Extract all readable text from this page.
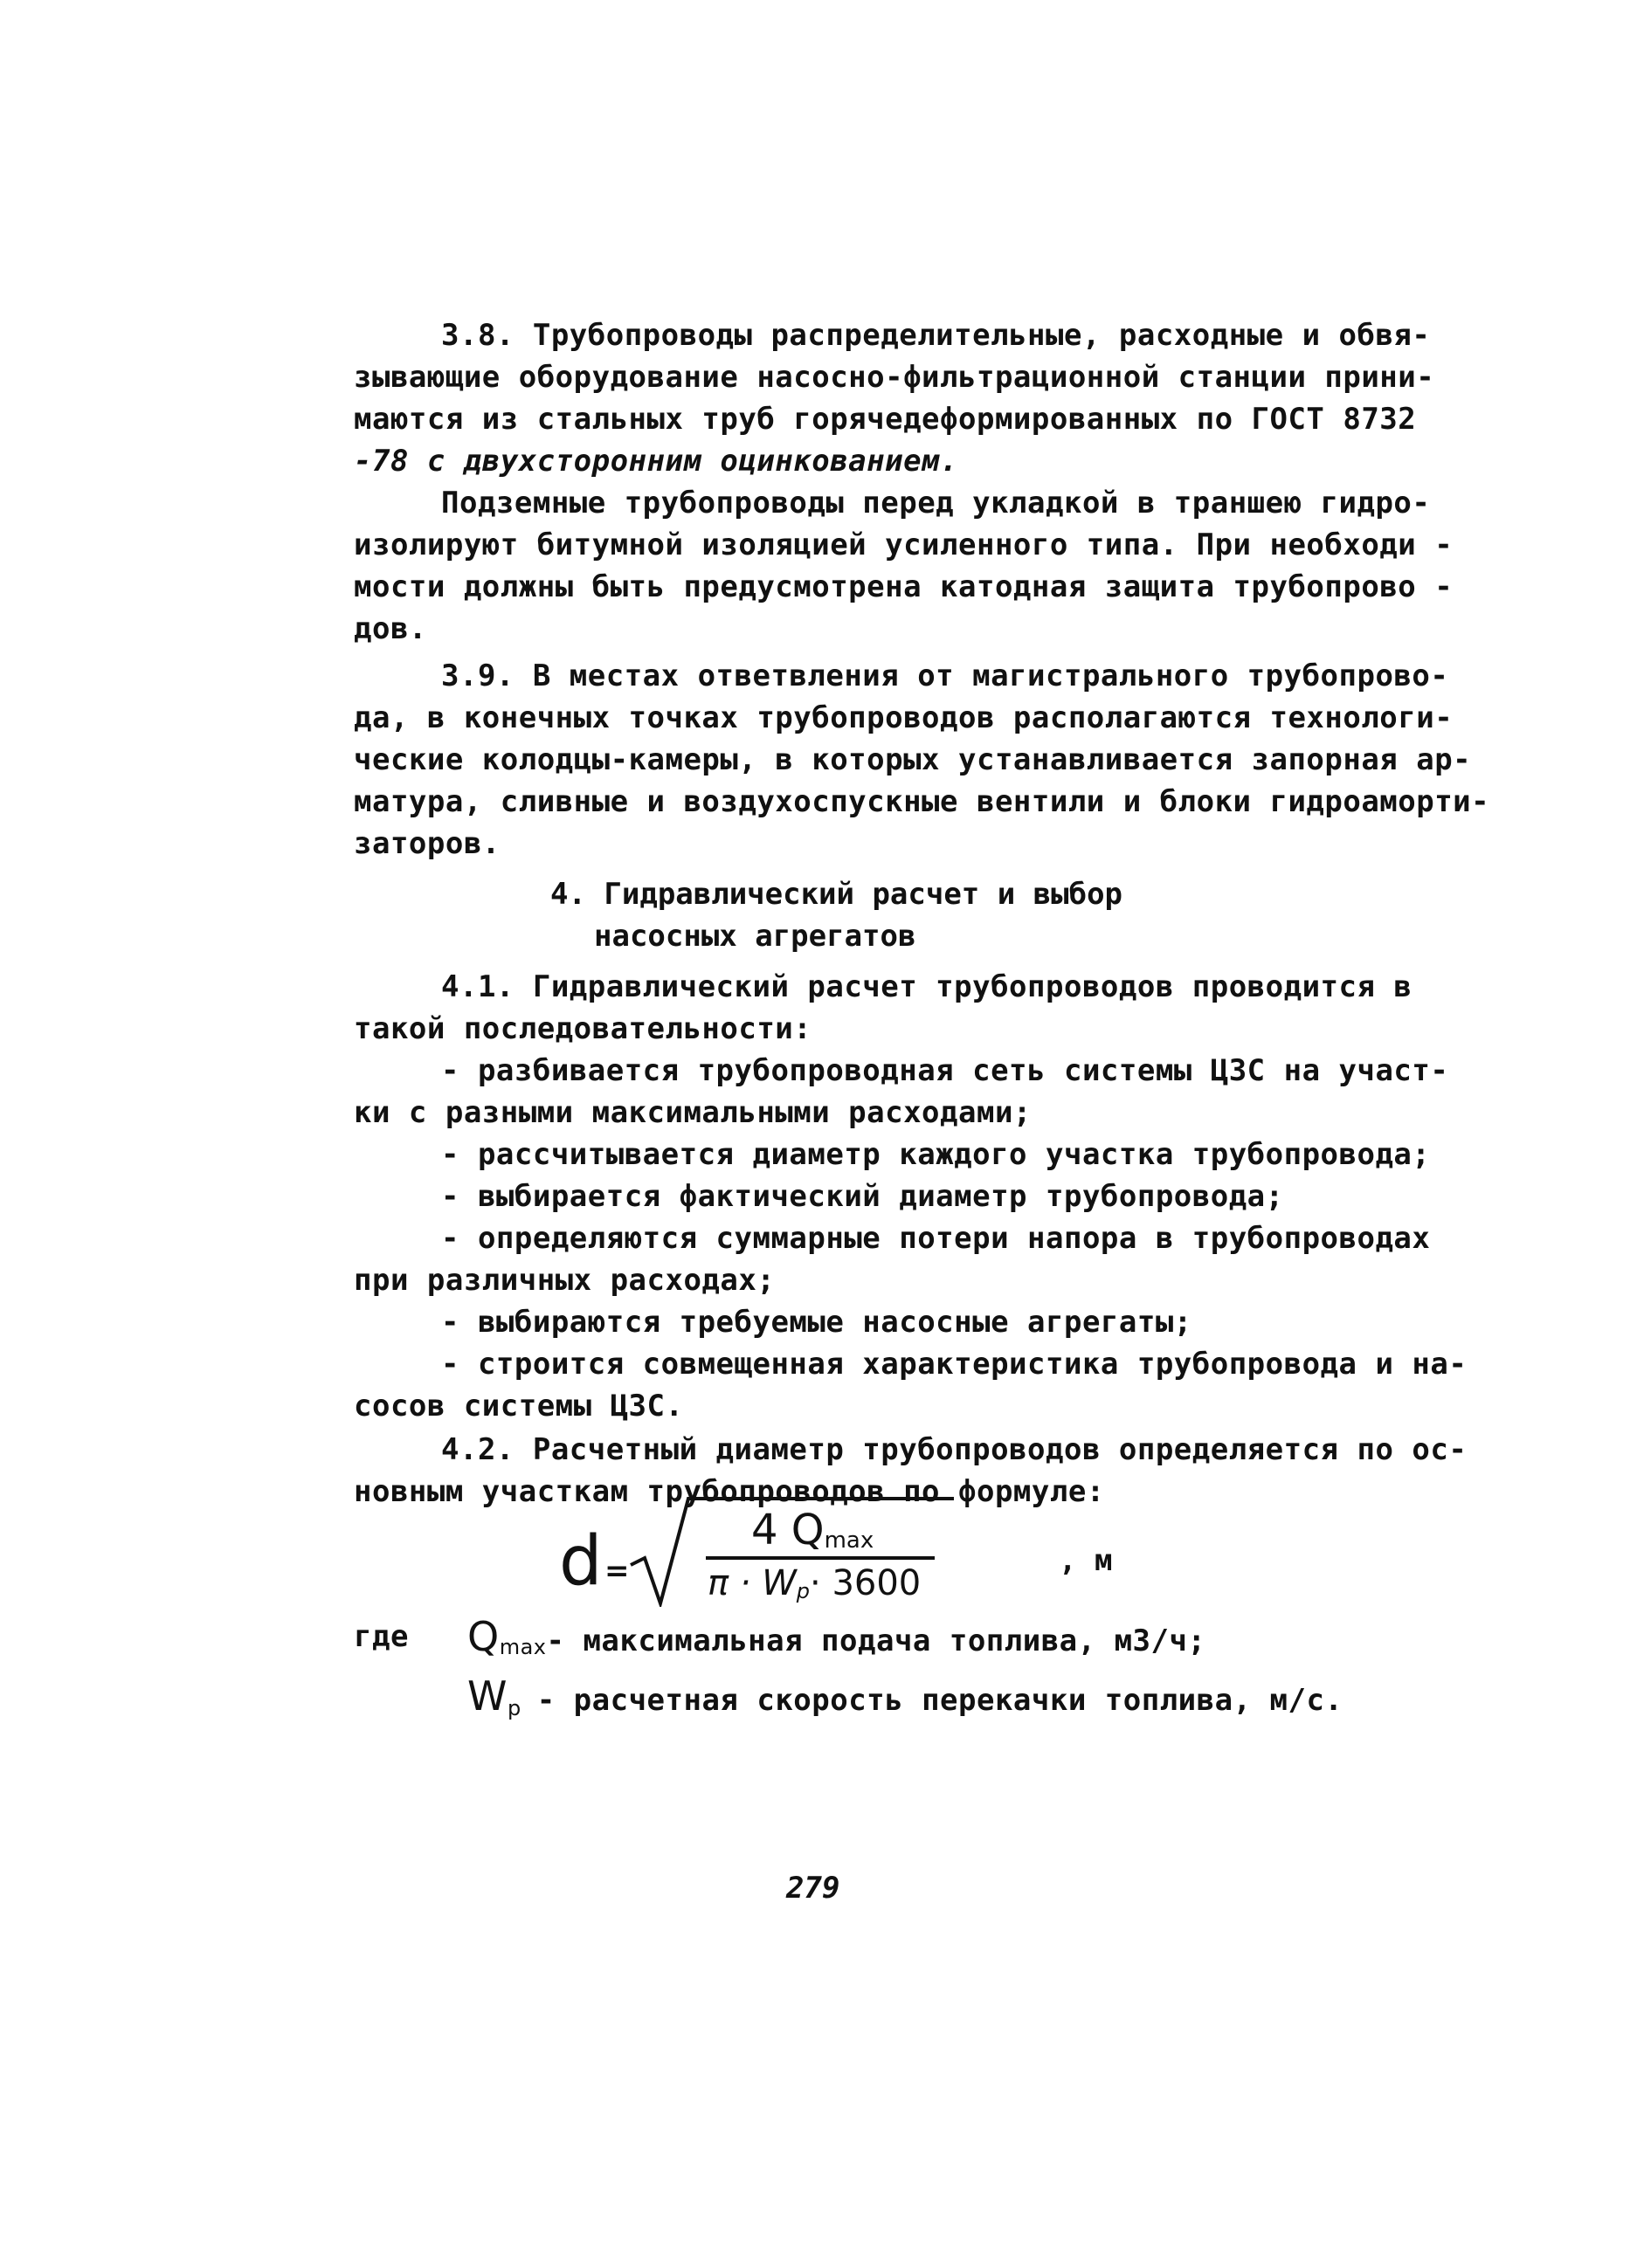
3.8. Трубопроводы распределительные, расходные и обвя-
зывающие оборудование насосно-фильтрационной станции прини-
маются из стальных труб горячедеформированных по ГОСТ 8732
-78 с двухсторонним оцинкованием.
Подземные трубопроводы перед укладкой в траншею гидро-
изолируют битумной изоляцией усиленного типа. При необходи -
мости должны быть предусмотрена катодная защита трубопрово -
дов.
3.9. В местах ответвления от магистрального трубопрово-
да, в конечных точках трубопроводов располагаются технологи-
ческие колодцы-камеры, в которых устанавливается запорная ар-
матура, сливные и воздухоспускные вентили и блоки гидроаморти-
заторов.
4. Гидравлический расчет и выбор
насосных агрегатов
4.1. Гидравлический расчет трубопроводов проводится в
такой последовательности:
- разбивается трубопроводная сеть системы ЦЗС на участ-
ки с разными максимальными расходами;
- рассчитывается диаметр каждого участка трубопровода;
- выбирается фактический диаметр трубопровода;
- определяются суммарные потери напора в трубопроводах
при различных расходах;
- выбираются требуемые насосные агрегаты;
- строится совмещенная характеристика трубопровода и на-
сосов системы ЦЗС.
4.2. Расчетный диаметр трубопроводов определяется по ос-
новным участкам трубопроводов по формуле:
d =
4 Qmax
π · Wp· 3600
, м
где Qmax- максимальная подача топлива, м3/ч;
Wp - расчетная скорость перекачки топлива, м/с.
279
